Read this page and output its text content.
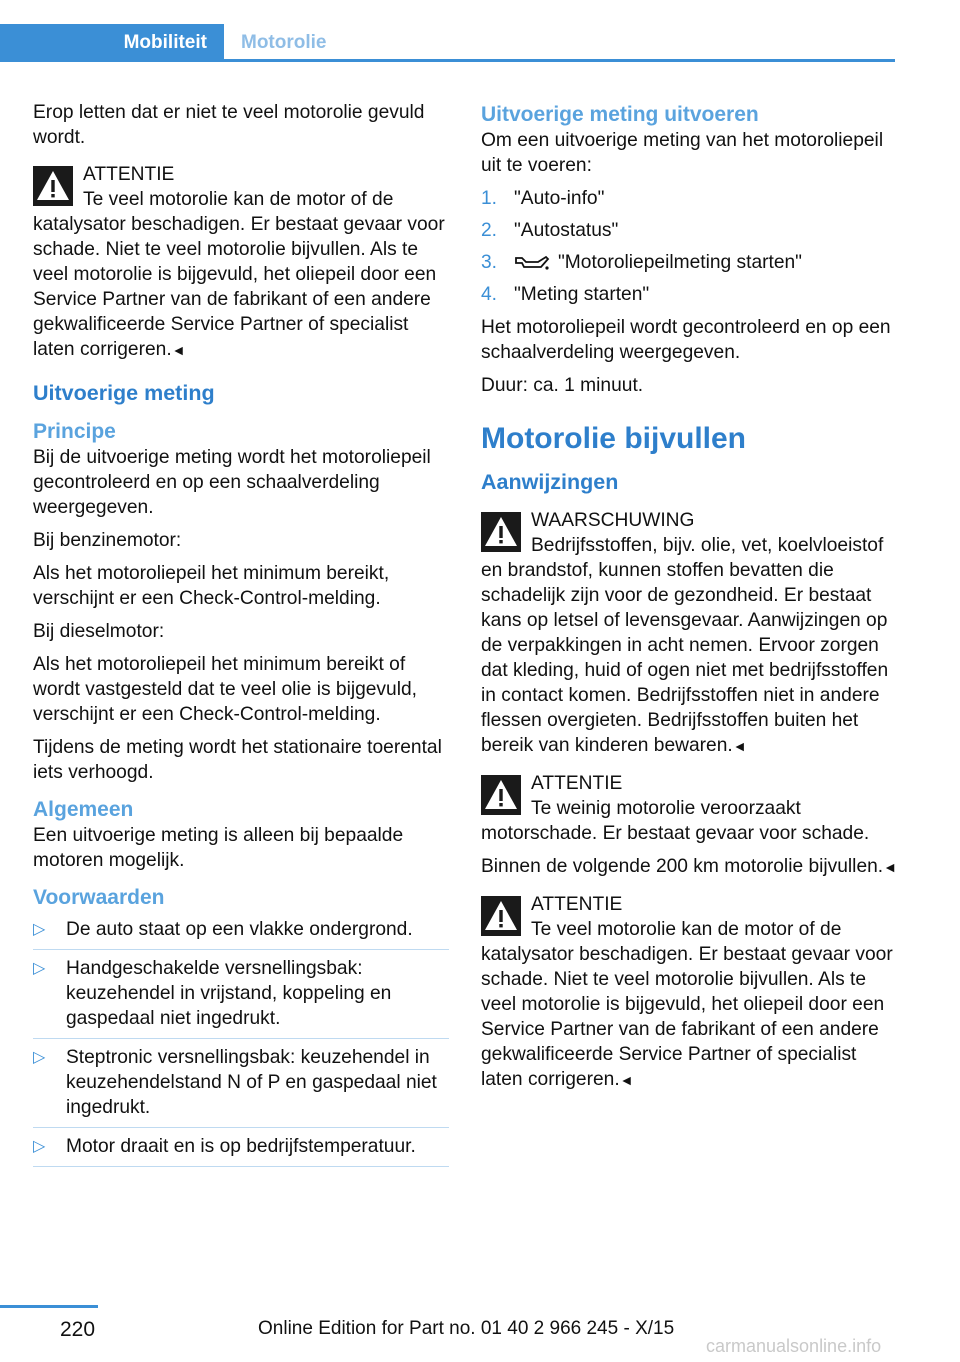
Mobiliteit	Motorolie

Erop letten dat er niet te veel motorolie gevuld wordt.

ATTENTIE
Te veel motorolie kan de motor of de katalysator beschadigen. Er bestaat gevaar voor schade. Niet te veel motorolie bijvullen. Als te veel motorolie is bijgevuld, het oliepeil door een Service Partner van de fabrikant of een andere gekwalificeerde Service Partner of specialist laten corrigeren.◄
Uitvoerige meting
Principe

Bij de uitvoerige meting wordt het motoroliepeil gecontroleerd en op een schaalverdeling weergegeven.

Bij benzinemotor:

Als het motoroliepeil het minimum bereikt, verschijnt er een Check-Control-melding.

Bij dieselmotor:

Als het motoroliepeil het minimum bereikt of wordt vastgesteld dat te veel olie is bijgevuld, verschijnt er een Check-Control-melding.

Tijdens de meting wordt het stationaire toerental iets verhoogd.

Algemeen

Een uitvoerige meting is alleen bij bepaalde motoren mogelijk.

Voorwaarden
▷ De auto staat op een vlakke ondergrond.
▷ Handgeschakelde versnellingsbak: keuzehendel in vrijstand, koppeling en gaspedaal niet ingedrukt.
▷ Steptronic versnellingsbak: keuzehendel in keuzehendelstand N of P en gaspedaal niet ingedrukt.
▷ Motor draait en is op bedrijfstemperatuur.
Uitvoerige meting uitvoeren

Om een uitvoerige meting van het motoroliepeil uit te voeren:

1. "Auto-info"
2. "Autostatus"
3.	"Motoroliepeilmeting starten"
4. "Meting starten"

Het motoroliepeil wordt gecontroleerd en op een schaalverdeling weergegeven.

Duur: ca. 1 minuut.

Motorolie bijvullen
Aanwijzingen
WAARSCHUWING
Bedrijfsstoffen, bijv. olie, vet, koelvloeistof en brandstof, kunnen stoffen bevatten die schadelijk zijn voor de gezondheid. Er bestaat kans op letsel of levensgevaar. Aanwijzingen op de verpakkingen in acht nemen. Ervoor zorgen dat kleding, huid of ogen niet met bedrijfsstoffen in contact komen. Bedrijfsstoffen niet in andere flessen overgieten. Bedrijfsstoffen buiten het bereik van kinderen bewaren.◄
ATTENTIE
Te weinig motorolie veroorzaakt motorschade. Er bestaat gevaar voor schade.

Binnen de volgende 200 km motorolie bijvullen.◄

ATTENTIE
Te veel motorolie kan de motor of de katalysator beschadigen. Er bestaat gevaar voor schade. Niet te veel motorolie bijvullen. Als te veel motorolie is bijgevuld, het oliepeil door een Service Partner van de fabrikant of een andere gekwalificeerde Service Partner of specialist laten corrigeren.◄
220	Online Edition for Part no. 01 40 2 966 245 - X/15
carmanualsonline.info
